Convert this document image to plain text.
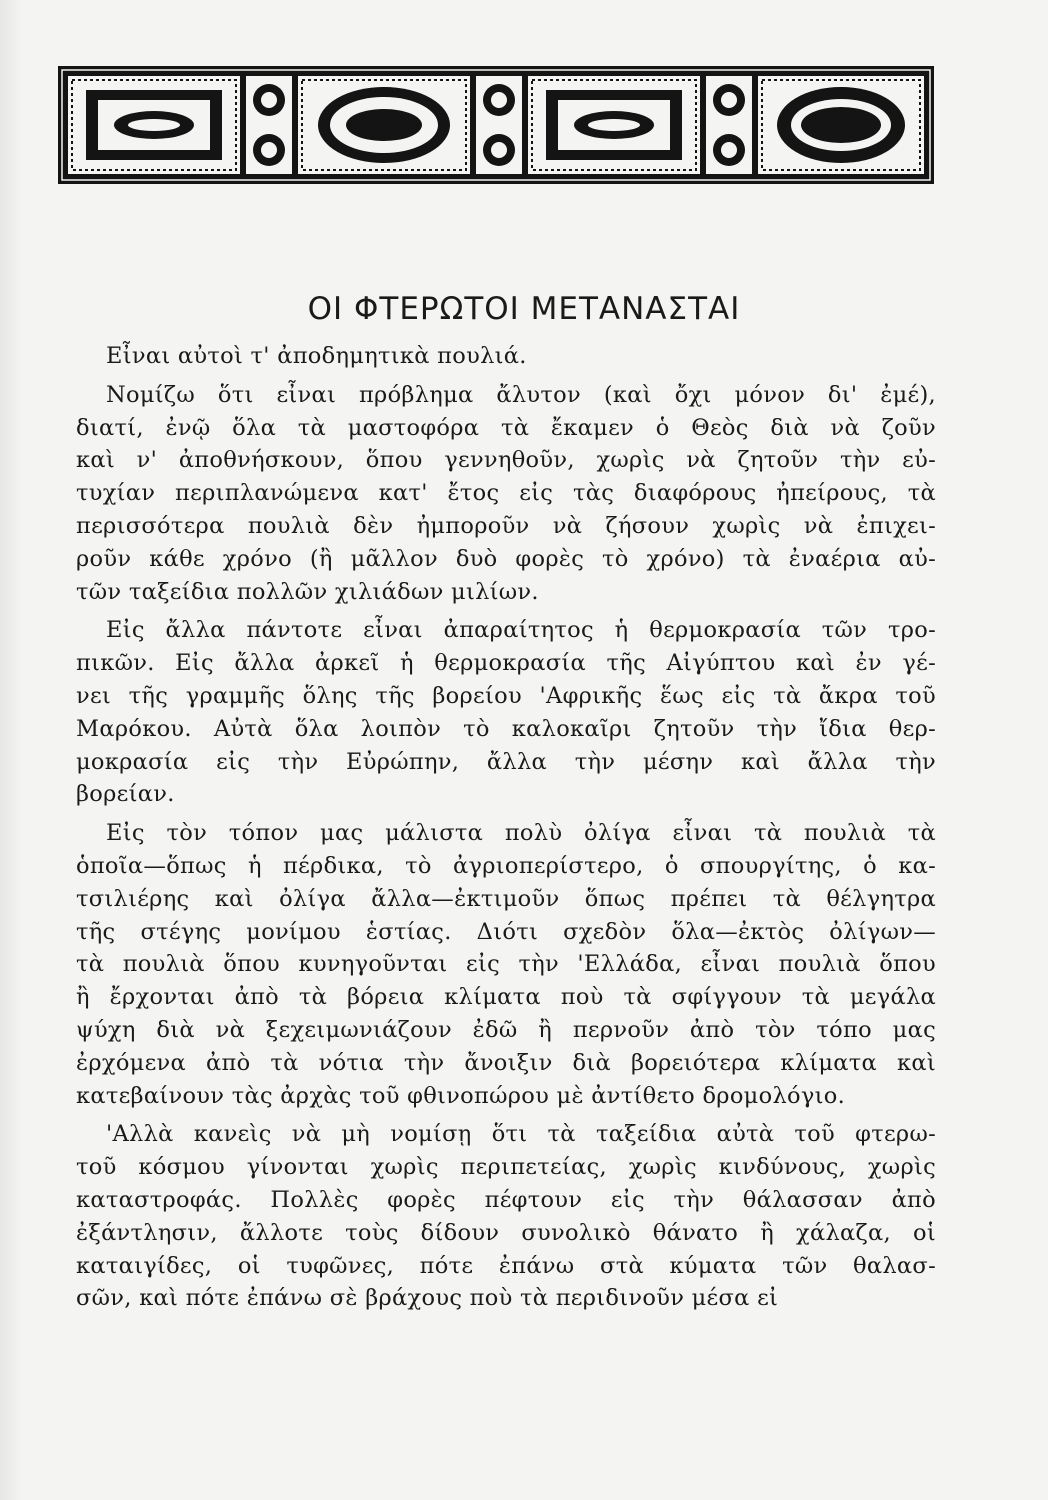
ΟΙ ΦΤΕΡΩΤΟΙ ΜΕΤΑΝΑΣΤΑΙ
Εἶναι αὐτοὶ τ' ἀποδημητικὰ πουλιά.
Νομίζω ὅτι εἶναι πρόβλημα ἄλυτον (καὶ ὄχι μόνον δι' ἐμέ),
διατί, ἐνῷ ὅλα τὰ μαστοφόρα τὰ ἔκαμεν ὁ Θεὸς διὰ νὰ ζοῦν
καὶ ν' ἀποθνήσκουν, ὅπου γεννηθοῦν, χωρὶς νὰ ζητοῦν τὴν εὐ-
τυχίαν περιπλανώμενα κατ' ἔτος εἰς τὰς διαφόρους ἠπείρους, τὰ
περισσότερα πουλιὰ δὲν ἠμποροῦν νὰ ζήσουν χωρὶς νὰ ἐπιχει-
ροῦν κάθε χρόνο (ἢ μᾶλλον δυὸ φορὲς τὸ χρόνο) τὰ ἐναέρια αὐ-
τῶν ταξείδια πολλῶν χιλιάδων μιλίων.
Εἰς ἄλλα πάντοτε εἶναι ἀπαραίτητος ἡ θερμοκρασία τῶν τρο-
πικῶν. Εἰς ἄλλα ἀρκεῖ ἡ θερμοκρασία τῆς Αἰγύπτου καὶ ἐν γέ-
νει τῆς γραμμῆς ὅλης τῆς βορείου 'Αφρικῆς ἕως εἰς τὰ ἄκρα τοῦ
Μαρόκου. Αὐτὰ ὅλα λοιπὸν τὸ καλοκαῖρι ζητοῦν τὴν ἴδια θερ-
μοκρασία εἰς τὴν Εὐρώπην, ἄλλα τὴν μέσην καὶ ἄλλα τὴν
βορείαν.
Εἰς τὸν τόπον μας μάλιστα πολὺ ὀλίγα εἶναι τὰ πουλιὰ τὰ
ὁποῖα—ὅπως ἡ πέρδικα, τὸ ἀγριοπερίστερο, ὁ σπουργίτης, ὁ κα-
τσιλιέρης καὶ ὀλίγα ἄλλα—ἐκτιμοῦν ὅπως πρέπει τὰ θέλγητρα
τῆς στέγης μονίμου ἑστίας. Διότι σχεδὸν ὅλα—ἐκτὸς ὀλίγων—
τὰ πουλιὰ ὅπου κυνηγοῦνται εἰς τὴν 'Ελλάδα, εἶναι πουλιὰ ὅπου
ἢ ἔρχονται ἀπὸ τὰ βόρεια κλίματα ποὺ τὰ σφίγγουν τὰ μεγάλα
ψύχη διὰ νὰ ξεχειμωνιάζουν ἐδῶ ἢ περνοῦν ἀπὸ τὸν τόπο μας
ἐρχόμενα ἀπὸ τὰ νότια τὴν ἄνοιξιν διὰ βορειότερα κλίματα καὶ
κατεβαίνουν τὰς ἀρχὰς τοῦ φθινοπώρου μὲ ἀντίθετο δρομολόγιο.
'Αλλὰ κανεὶς νὰ μὴ νομίσῃ ὅτι τὰ ταξείδια αὐτὰ τοῦ φτερω-
τοῦ κόσμου γίνονται χωρὶς περιπετείας, χωρὶς κινδύνους, χωρὶς
καταστροφάς. Πολλὲς φορὲς πέφτουν εἰς τὴν θάλασσαν ἀπὸ
ἐξάντλησιν, ἄλλοτε τοὺς δίδουν συνολικὸ θάνατο ἢ χάλαζα, οἱ
καταιγίδες, οἱ τυφῶνες, πότε ἐπάνω στὰ κύματα τῶν θαλασ-
σῶν, καὶ πότε ἐπάνω σὲ βράχους ποὺ τὰ περιδινοῦν μέσα εἰ
